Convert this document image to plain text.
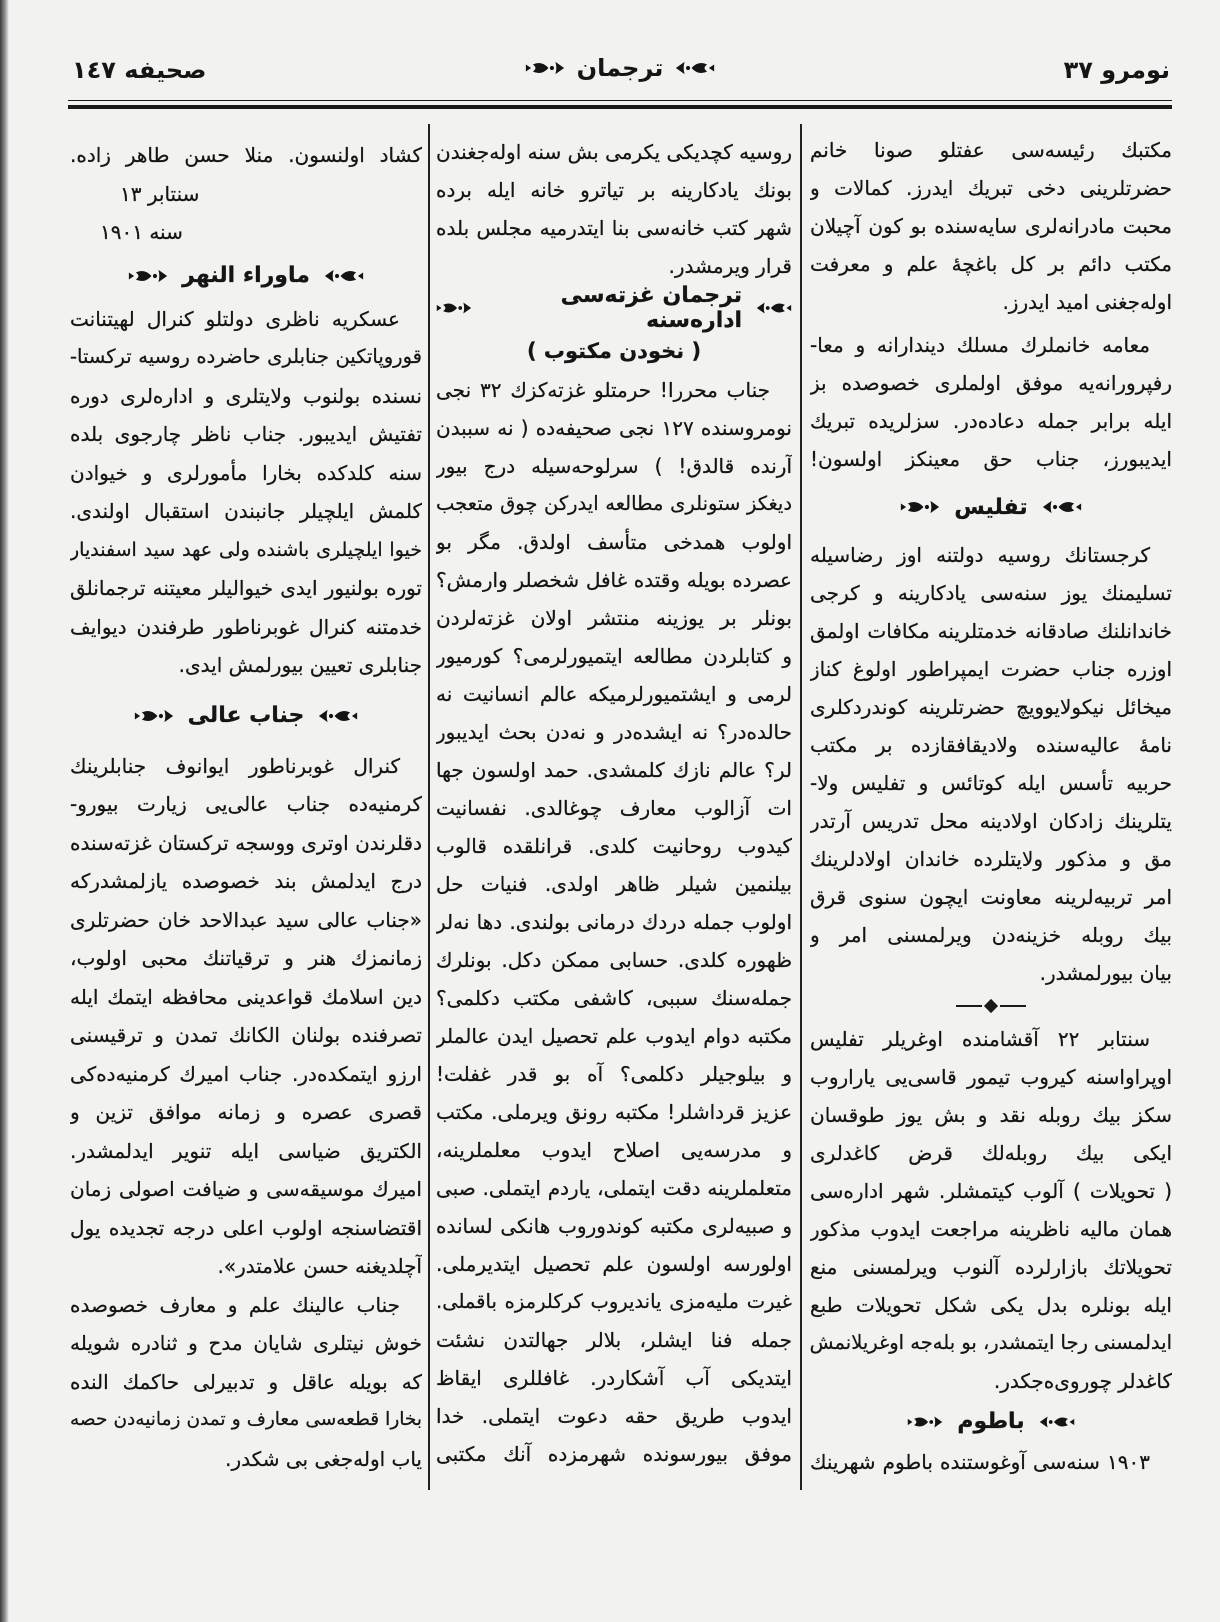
نومرو ٣٧
ترجمان
صحيفه ١٤٧
مكتبك رئیسه‌سی عفتلو صونا خانم
حضرتلرینی دخی تبریك ایدرز. كمالات و
محبت مادرانه‌لری سایه‌سنده بو كون آچیلان
مكتب دائم بر كل باغچهٔ علم و معرفت
اوله‌جغنی امید ایدرز.
معامه خانملرك مسلك دیندارانه و معا-
رفپرورانه‌یه موفق اولملری خصوصده بز
ایله برابر جمله دعاده‌در. سزلریده تبریك
ایدیبورز، جناب حق معینكز اولسون!
تفلیس
كرجستانك روسیه دولتنه اوز رضاسیله
تسلیمنك یوز سنه‌سی یادكارینه و كرجی
خاندانلنك صادقانه خدمتلرینه مكافات اولمق
اوزره جناب حضرت ایمپراطور اولوغ كناز
میخائل نیكولایوویچ حضرتلرینه كوندردكلری
نامهٔ عالیه‌سنده ولادیقافقازده بر مكتب
حربیه تأسس ایله كوتائس و تفلیس ولا-
یتلرینك زادكان اولادینه محل تدریس آرتدر
مق و مذكور ولایتلرده خاندان اولادلرینك
امر تربیه‌لرینه معاونت ایچون سنوی قرق
بیك روبله خزینه‌دن ویرلمسنی امر و
بیان بیورلمشدر.
سنتابر ٢٢ آقشامنده اوغریلر تفلیس
اوپراواسنه كیروب تیمور قاسی‌یی یاراروب
سكز بیك روبله نقد و بش یوز طوقسان
ایكی بیك روبله‌لك قرض كاغدلری
( تحویلات ) آلوب كیتمشلر. شهر اداره‌سی
همان مالیه ناظرینه مراجعت ایدوب مذكور
تحویلاتك بازارلرده آلنوب ویرلمسنی منع
ایله بونلره بدل یكی شكل تحویلات طبع
ایدلمسنی رجا ایتمشدر، بو بله‌جه اوغریلانمش
كاغدلر چوروی‌ه‌جكدر.
باطوم
١٩٠٣ سنه‌سی آوغوستنده باطوم شهرینك
روسیه كچدیكی یكرمی بش سنه اوله‌جغندن
بونك یادكارینه بر تیاترو خانه ایله برده
شهر كتب خانه‌سی بنا ایتدرمیه مجلس بلده
قرار ویرمشدر.
ترجمان غزته‌سی اداره‌سنه
( نخودن مكتوب )
جناب محررا! حرمتلو غزته‌كزك ٣٢ نجی
نومروسنده ١٢٧ نجی صحیفه‌ده ( نه سببدن
آرنده قالدق! ) سرلوحه‌سیله درج بیور
دیغكز ستونلری مطالعه ایدركن چوق متعجب
اولوب همدخی متأسف اولدق. مگر بو
عصرده بویله وقتده غافل شخصلر وارمش؟
بونلر بر یوزینه منتشر اولان غزته‌لردن
و كتابلردن مطالعه ایتمیورلرمی؟ كورمیور
لرمی و ایشتمیورلرمیكه عالم انسانیت نه
حالده‌در؟ نه ایشده‌در و نه‌دن بحث ایدیبور
لر؟ عالم نازك كلمشدی. حمد اولسون جها
ات آزالوب معارف چوغالدی. نفسانیت
كیدوب روحانیت كلدی. قرانلقده قالوب
بیلنمین شیلر ظاهر اولدی. فنیات حل
اولوب جمله دردك درمانی بولندی. دها نه‌لر
ظهوره كلدی. حسابی ممكن دكل. بونلرك
جمله‌سنك سببی، كاشفی مكتب دكلمی؟
مكتبه دوام ایدوب علم تحصیل ایدن عالملر
و بیلوجیلر دكلمی؟ آه بو قدر غفلت!
عزیز قرداشلر! مكتبه رونق ویرملی. مكتب
و مدرسه‌یی اصلاح ایدوب معلملرینه،
متعلملرینه دقت ایتملی، یاردم ایتملی. صبی
و صبیه‌لری مكتبه كوندوروب هانكی لسانده
اولورسه اولسون علم تحصیل ایتدیرملی.
غیرت ملیه‌مزی یاندیروب كركلرمزه باقملی.
جمله فنا ایشلر، بلالر جهالتدن نشئت
ایتدیكی آب آشكاردر. غافللری ایقاظ
ایدوب طریق حقه دعوت ایتملی. خدا
موفق بیورسونده شهرمزده آنك مكتبی
كشاد اولنسون. منلا حسن طاهر زاده.
سنتابر ١٣
سنه ١٩٠١
ماوراء النهر
عسكریه ناظری دولتلو كنرال لهیتنانت
قوروپاتكین جنابلری حاضرده روسیه تركستا-
نسنده بولنوب ولایتلری و اداره‌لری دوره
تفتیش ایدیبور. جناب ناظر چارجوی بلده
سنه كلدكده بخارا مأمورلری و خیوادن
كلمش ایلچیلر جانبندن استقبال اولندی.
خیوا ایلچیلری باشنده ولی عهد سید اسفندیار
توره بولنیور ایدی خیوالیلر معیتنه ترجمانلق
خدمتنه كنرال غوبرناطور طرفندن دیوایف
جنابلری تعیین بیورلمش ایدی.
جناب عالی
كنرال غوبرناطور ایوانوف جنابلرینك
كرمنیه‌ده جناب عالی‌یی زیارت بیورو-
دقلرندن اوتری ووسجه تركستان غزته‌سنده
درج ایدلمش بند خصوصده یازلمشدركه
«جناب عالی سید عبدالاحد خان حضرتلری
زمانمزك هنر و ترقیاتنك محبی اولوب،
دین اسلامك قواعدینی محافظه ایتمك ایله
تصرفنده بولنان الكانك تمدن و ترقیسنی
ارزو ایتمكده‌در. جناب امیرك كرمنیه‌ده‌كی
قصری عصره و زمانه موافق تزین و
الكتریق ضیاسی ایله تنویر ایدلمشدر.
امیرك موسیقه‌سی و ضیافت اصولی زمان
اقتضاسنجه اولوب اعلی درجه تجدیده یول
آچلدیغنه حسن علامتدر».
جناب عالینك علم و معارف خصوصده
خوش نیتلری شایان مدح و ثنادره شویله
كه بویله عاقل و تدبیرلی حاكمك النده
بخارا قطعه‌سی معارف و تمدن زمانیه‌دن حصه
یاب اوله‌جغی بی شكدر.
